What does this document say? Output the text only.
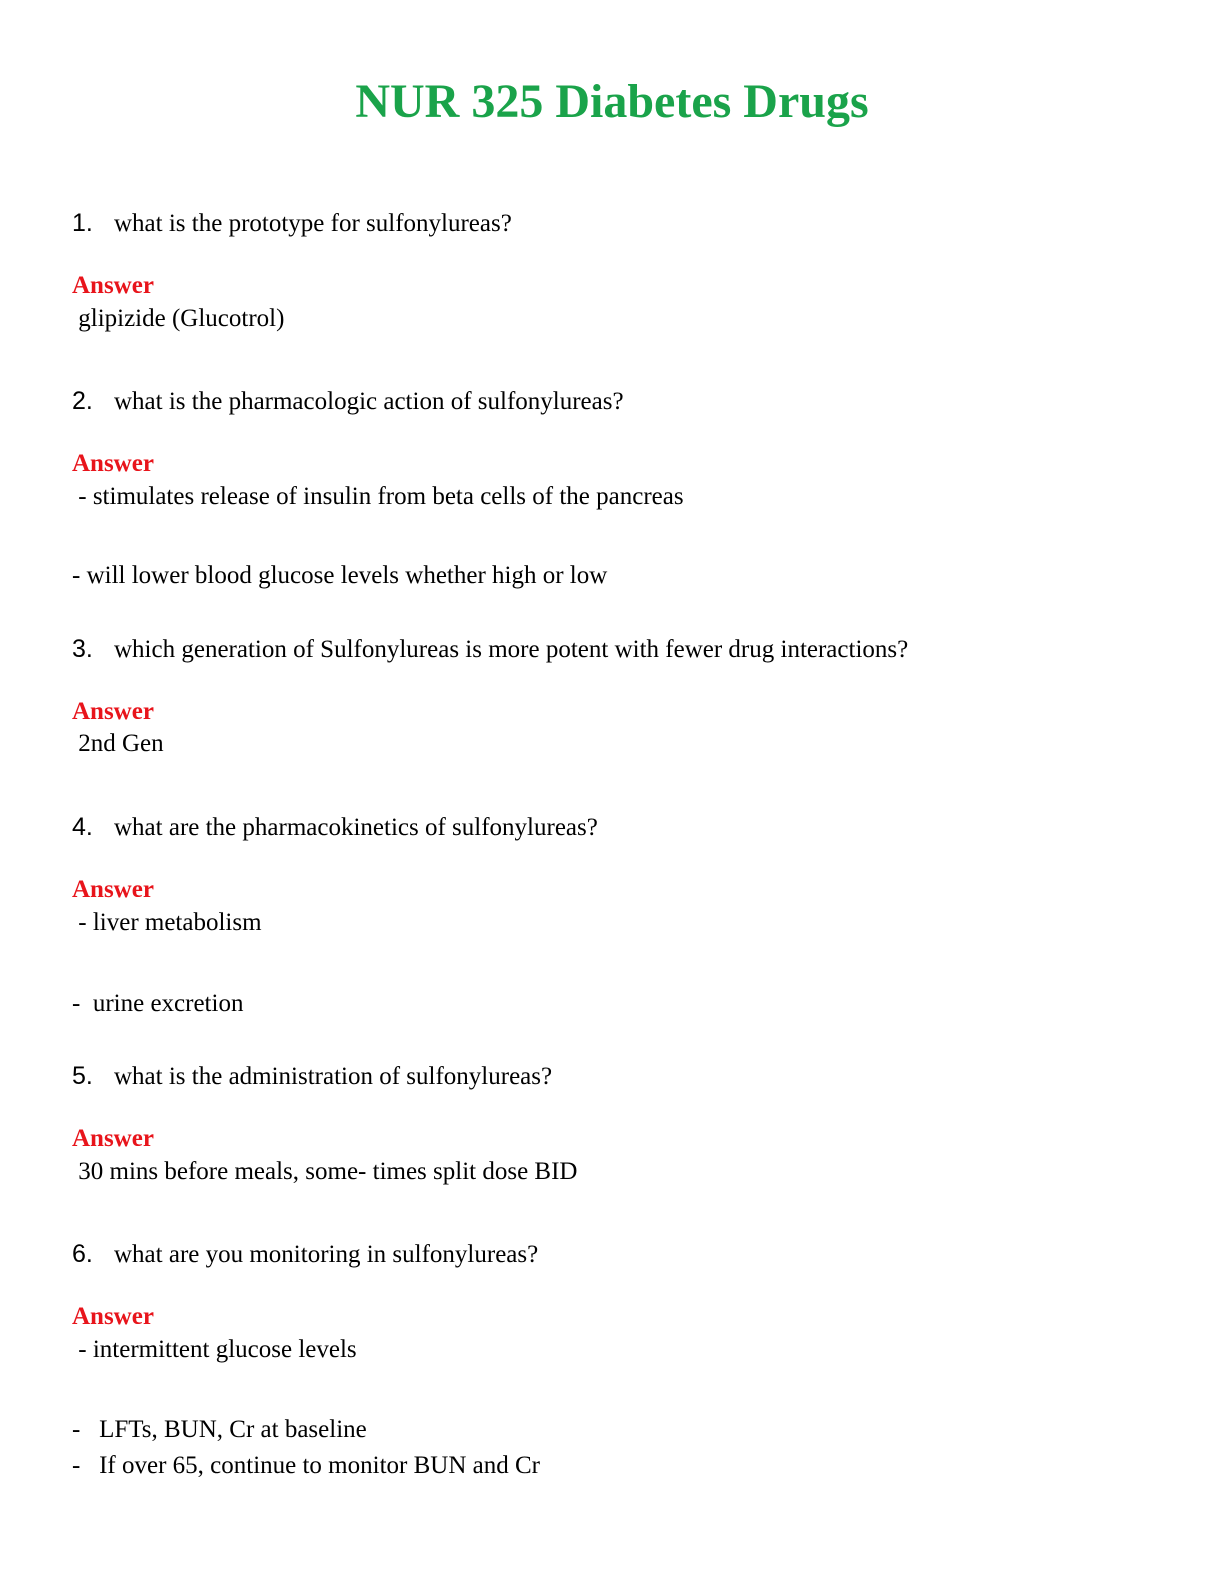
NUR 325 Diabetes Drugs
1. what is the prototype for sulfonylureas?
Answer
glipizide (Glucotrol)
2. what is the pharmacologic action of sulfonylureas?
Answer
- stimulates release of insulin from beta cells of the pancreas
- will lower blood glucose levels whether high or low
3. which generation of Sulfonylureas is more potent with fewer drug interactions?
Answer
2nd Gen
4. what are the pharmacokinetics of sulfonylureas?
Answer
- liver metabolism
-  urine excretion
5. what is the administration of sulfonylureas?
Answer
30 mins before meals, some- times split dose BID
6. what are you monitoring in sulfonylureas?
Answer
- intermittent glucose levels
-   LFTs, BUN, Cr at baseline
-   If over 65, continue to monitor BUN and Cr
